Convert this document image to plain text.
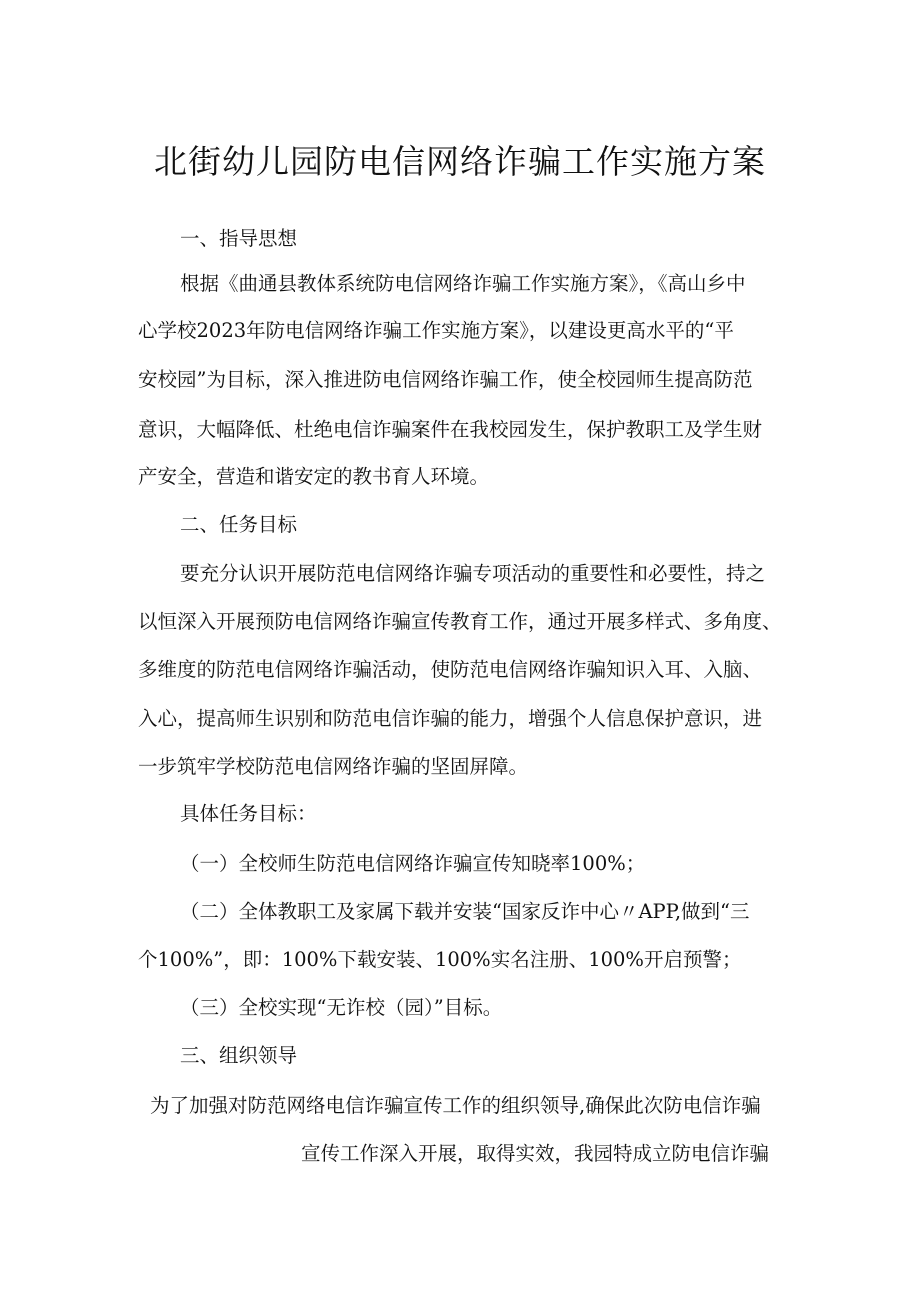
北街幼儿园防电信网络诈骗工作实施方案
一、指导思想
根据《曲通县教体系统防电信网络诈骗工作实施方案》，《高山乡中
心学校2023年防电信网络诈骗工作实施方案》，以建设更高水平的“平
安校园”为目标，深入推进防电信网络诈骗工作，使全校园师生提高防范
意识，大幅降低、杜绝电信诈骗案件在我校园发生，保护教职工及学生财
产安全，营造和谐安定的教书育人环境。
二、任务目标
要充分认识开展防范电信网络诈骗专项活动的重要性和必要性，持之
以恒深入开展预防电信网络诈骗宣传教育工作，通过开展多样式、多角度、
多维度的防范电信网络诈骗活动，使防范电信网络诈骗知识入耳、入脑、
入心，提高师生识别和防范电信诈骗的能力，增强个人信息保护意识，进
一步筑牢学校防范电信网络诈骗的坚固屏障。
具体任务目标：
（一）全校师生防范电信网络诈骗宣传知晓率100%；
（二）全体教职工及家属下载并安装“国家反诈中心〃APP,做到“三
个100%”，即：100%下载安装、100%实名注册、100%开启预警；
（三）全校实现“无诈校（园）”目标。
三、组织领导
为了加强对防范网络电信诈骗宣传工作的组织领导,确保此次防电信诈骗
宣传工作深入开展，取得实效，我园特成立防电信诈骗
